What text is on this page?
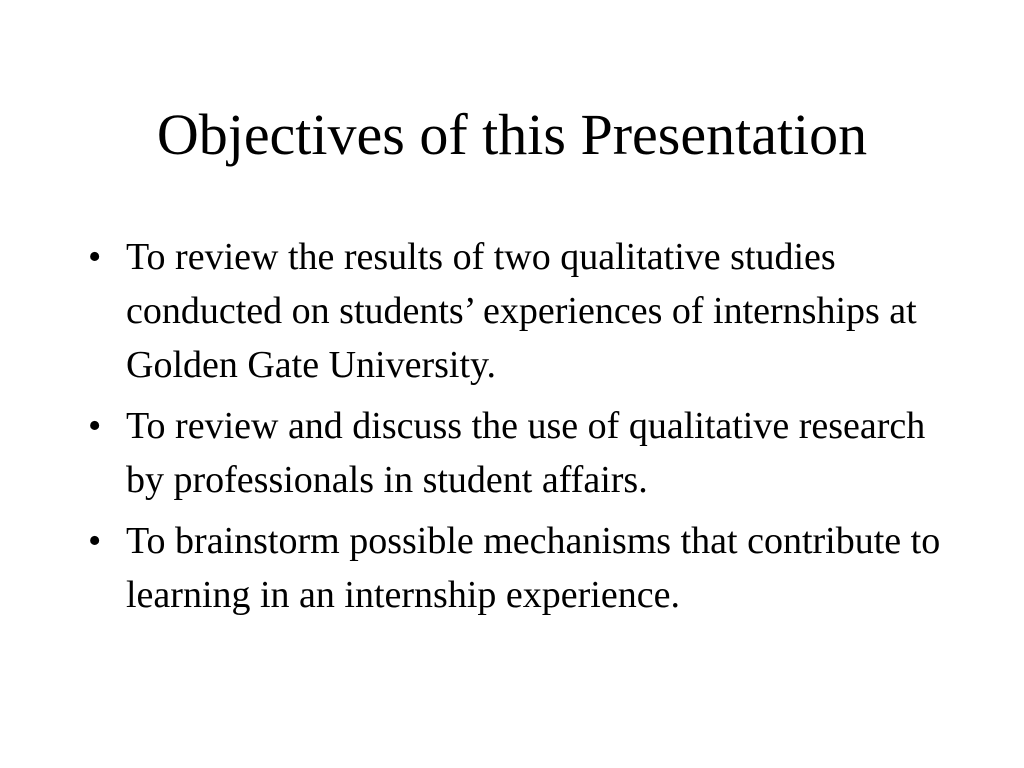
Objectives of this Presentation
• To review the results of two qualitative studies conducted on students’ experiences of internships at Golden Gate University.
• To review and discuss the use of qualitative research by professionals in student affairs.
• To brainstorm possible mechanisms that contribute to learning in an internship experience.
